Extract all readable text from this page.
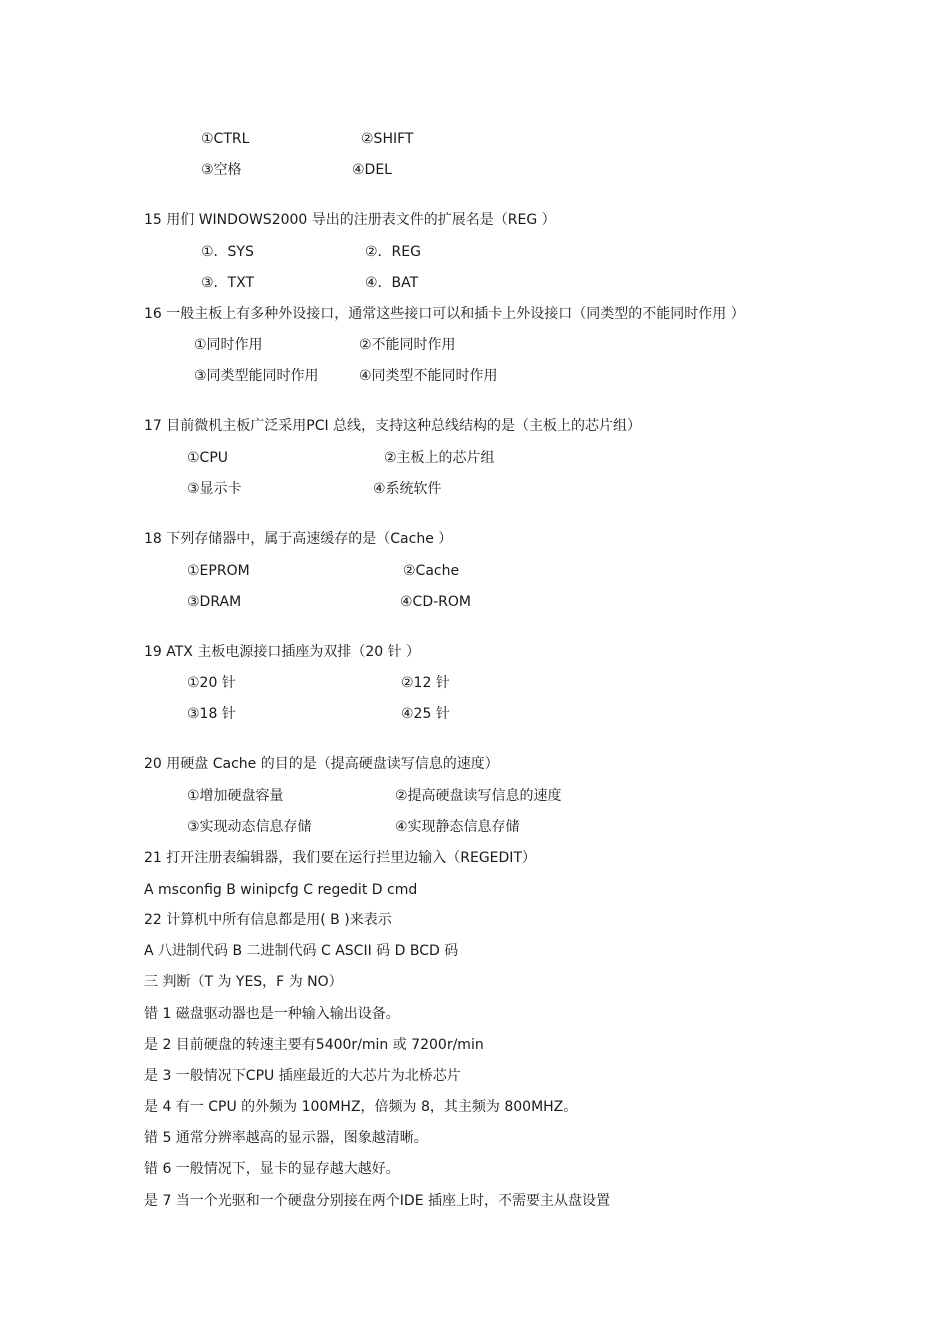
①CTRL	②SHIFT
③空格	④DEL
15 用们 WINDOWS2000 导出的注册表文件的扩展名是（REG ）
①．SYS	②．REG
③．TXT	④．BAT
16 一般主板上有多种外设接口，通常这些接口可以和插卡上外设接口（同类型的不能同时作用 ）
①同时作用	②不能同时作用
③同类型能同时作用	④同类型不能同时作用
17 目前微机主板广泛采用PCI 总线，支持这种总线结构的是（主板上的芯片组）
①CPU	②主板上的芯片组
③显示卡	④系统软件
18 下列存储器中，属于高速缓存的是（Cache ）
①EPROM	②Cache
③DRAM	④CD-ROM
19 ATX 主板电源接口插座为双排（20 针 ）
①20 针	②12 针
③18 针	④25 针
20 用硬盘 Cache 的目的是（提高硬盘读写信息的速度）
①增加硬盘容量	②提高硬盘读写信息的速度
③实现动态信息存储	④实现静态信息存储
21 打开注册表编辑器，我们要在运行拦里边输入（REGEDIT）
A msconfig B winipcfg C regedit D cmd
22 计算机中所有信息都是用( B )来表示
A 八进制代码 B 二进制代码 C ASCII 码 D BCD 码
三 判断（T 为 YES，F 为 NO）
错 1 磁盘驱动器也是一种输入输出设备。
是 2 目前硬盘的转速主要有5400r/min 或 7200r/min
是 3 一般情况下CPU 插座最近的大芯片为北桥芯片
是 4 有一 CPU 的外频为 100MHZ，倍频为 8，其主频为 800MHZ。
错 5 通常分辨率越高的显示器，图象越清晰。
错 6 一般情况下，显卡的显存越大越好。
是 7 当一个光驱和一个硬盘分别接在两个IDE 插座上时，不需要主从盘设置
